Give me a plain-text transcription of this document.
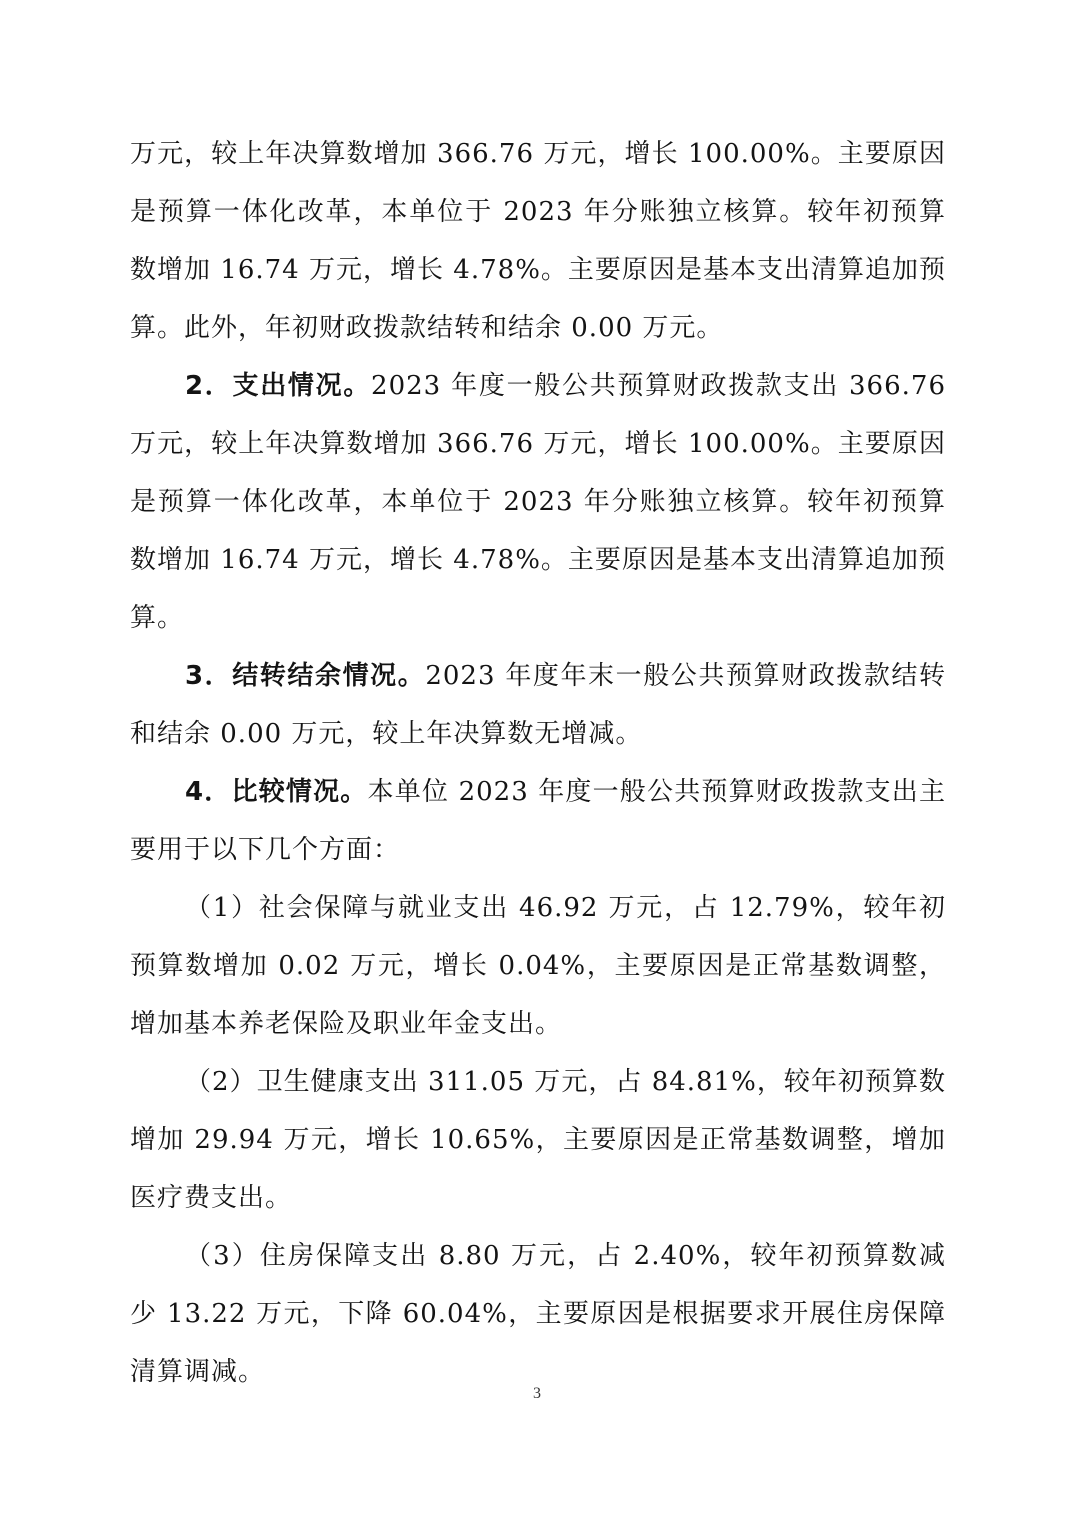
万元，较上年决算数增加 366.76 万元，增长 100.00%。主要原因是预算一体化改革，本单位于 2023 年分账独立核算。较年初预算数增加 16.74 万元，增长 4.78%。主要原因是基本支出清算追加预算。此外，年初财政拨款结转和结余 0.00 万元。

2．支出情况。2023 年度一般公共预算财政拨款支出 366.76 万元，较上年决算数增加 366.76 万元，增长 100.00%。主要原因是预算一体化改革，本单位于 2023 年分账独立核算。较年初预算数增加 16.74 万元，增长 4.78%。主要原因是基本支出清算追加预算。

3．结转结余情况。2023 年度年末一般公共预算财政拨款结转和结余 0.00 万元，较上年决算数无增减。

4．比较情况。本单位 2023 年度一般公共预算财政拨款支出主要用于以下几个方面：

（1）社会保障与就业支出 46.92 万元，占 12.79%，较年初预算数增加 0.02 万元，增长 0.04%，主要原因是正常基数调整，增加基本养老保险及职业年金支出。

（2）卫生健康支出 311.05 万元，占 84.81%，较年初预算数增加 29.94 万元，增长 10.65%，主要原因是正常基数调整，增加医疗费支出。

（3）住房保障支出 8.80 万元，占 2.40%，较年初预算数减少 13.22 万元，下降 60.04%，主要原因是根据要求开展住房保障清算调减。

3
